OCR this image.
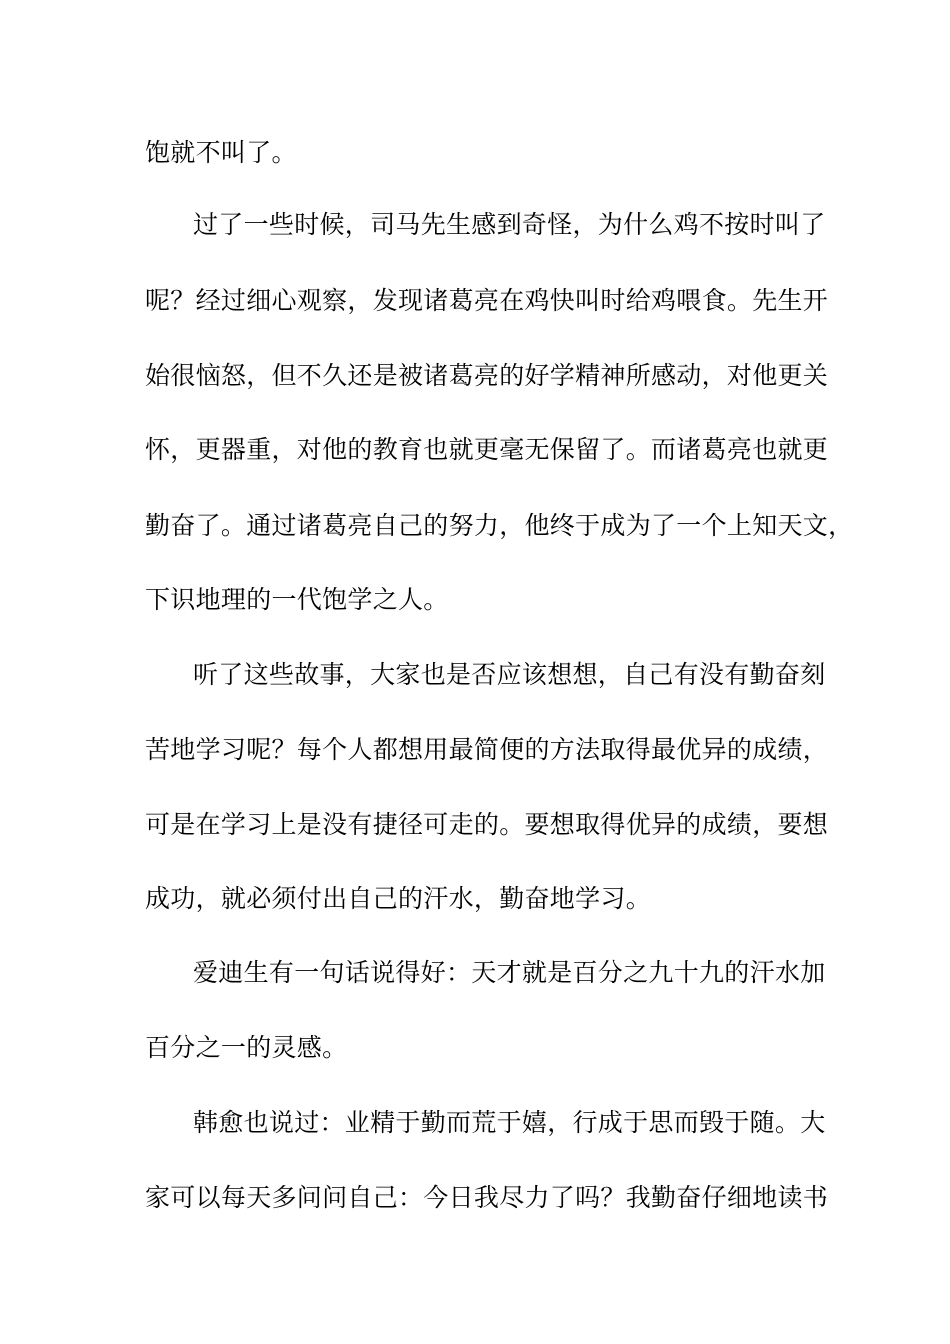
饱就不叫了。
过了一些时候，司马先生感到奇怪，为什么鸡不按时叫了
呢？经过细心观察，发现诸葛亮在鸡快叫时给鸡喂食。先生开
始很恼怒，但不久还是被诸葛亮的好学精神所感动，对他更关
怀，更器重，对他的教育也就更毫无保留了。而诸葛亮也就更
勤奋了。通过诸葛亮自己的努力，他终于成为了一个上知天文，
下识地理的一代饱学之人。
听了这些故事，大家也是否应该想想，自己有没有勤奋刻
苦地学习呢？每个人都想用最简便的方法取得最优异的成绩，
可是在学习上是没有捷径可走的。要想取得优异的成绩，要想
成功，就必须付出自己的汗水，勤奋地学习。
爱迪生有一句话说得好：天才就是百分之九十九的汗水加
百分之一的灵感。
韩愈也说过：业精于勤而荒于嬉，行成于思而毁于随。大
家可以每天多问问自己：今日我尽力了吗？我勤奋仔细地读书
